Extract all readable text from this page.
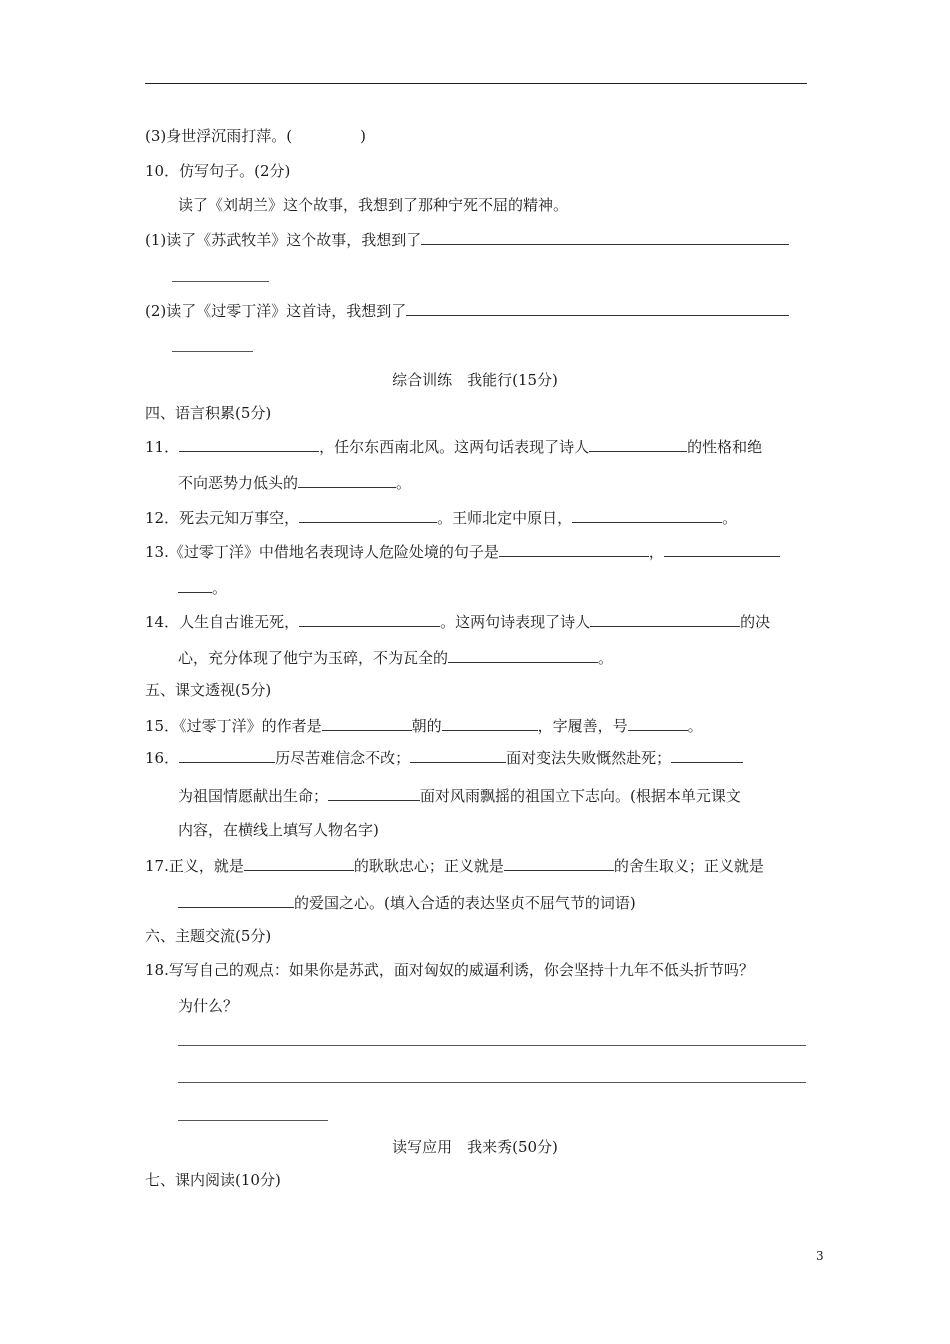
(3)身世浮沉雨打萍。(	)
10．仿写句子。(2分)
读了《刘胡兰》这个故事，我想到了那种宁死不屈的精神。
(1)读了《苏武牧羊》这个故事，我想到了
(2)读了《过零丁洋》这首诗，我想到了
综合训练　我能行(15分)
四、语言积累(5分)
11．	，任尔东西南北风。这两句话表现了诗人	的性格和绝
不向恶势力低头的	。
12．死去元知万事空，	。王师北定中原日，	。
13.《过零丁洋》中借地名表现诗人危险处境的句子是	，
。
14．人生自古谁无死，	。这两句诗表现了诗人	的决
心，充分体现了他宁为玉碎，不为瓦全的	。
五、课文透视(5分)
15．《过零丁洋》的作者是	朝的	，字履善，号	。
16．	历尽苦难信念不改；	面对变法失败慨然赴死；
为祖国情愿献出生命；	面对风雨飘摇的祖国立下志向。(根据本单元课文
内容，在横线上填写人物名字)
17.正义，就是	的耿耿忠心；正义就是	的舍生取义；正义就是
的爱国之心。(填入合适的表达坚贞不屈气节的词语)
六、主题交流(5分)
18.写写自己的观点：如果你是苏武，面对匈奴的威逼利诱，你会坚持十九年不低头折节吗？
为什么？
读写应用　我来秀(50分)
七、课内阅读(10分)
3
